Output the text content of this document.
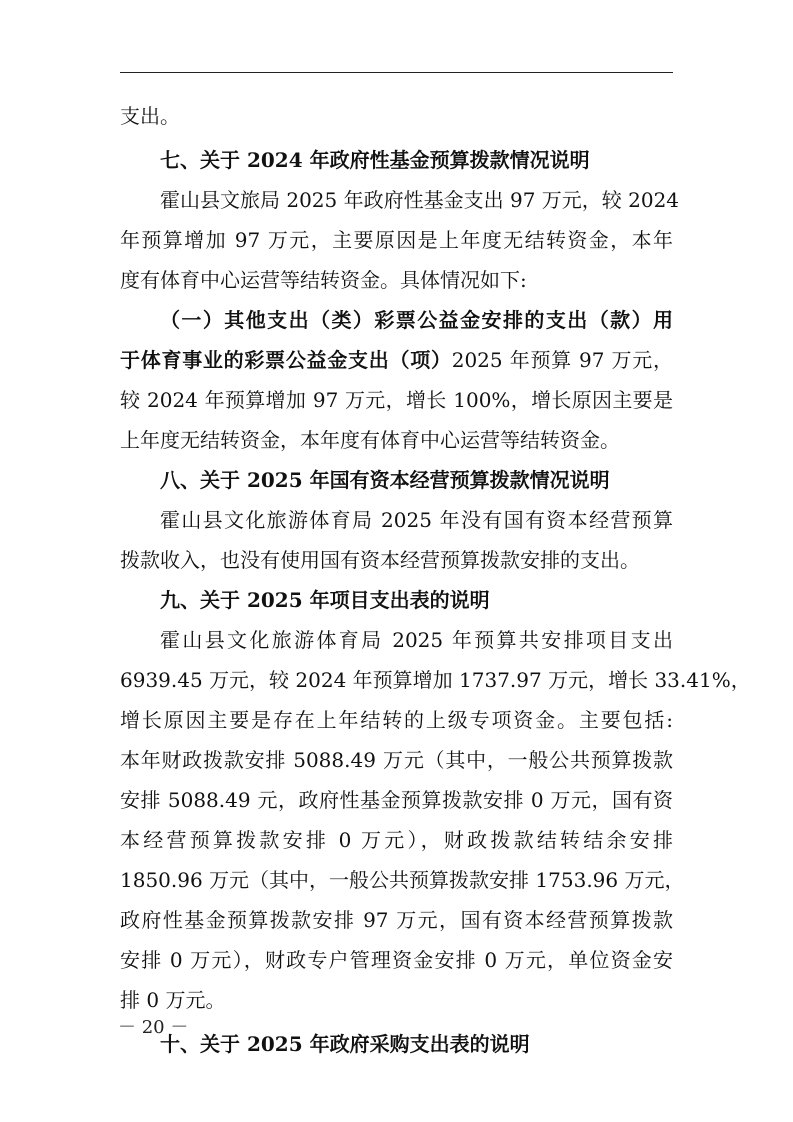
支出。
七、关于 2024 年政府性基金预算拨款情况说明
霍山县文旅局 2025 年政府性基金支出 97 万元，较 2024
年预算增加 97 万元，主要原因是上年度无结转资金，本年
度有体育中心运营等结转资金。具体情况如下:
（一）其他支出（类）彩票公益金安排的支出（款）用
于体育事业的彩票公益金支出（项）2025 年预算 97 万元，
较 2024 年预算增加 97 万元，增长 100%，增长原因主要是
上年度无结转资金，本年度有体育中心运营等结转资金。
八、关于 2025 年国有资本经营预算拨款情况说明
霍山县文化旅游体育局 2025 年没有国有资本经营预算
拨款收入，也没有使用国有资本经营预算拨款安排的支出。
九、关于 2025 年项目支出表的说明
霍山县文化旅游体育局 2025 年预算共安排项目支出
6939.45 万元，较 2024 年预算增加 1737.97 万元，增长 33.41%，
增长原因主要是存在上年结转的上级专项资金。主要包括:
本年财政拨款安排 5088.49 万元（其中，一般公共预算拨款
安排 5088.49 元，政府性基金预算拨款安排 0 万元，国有资
本经营预算拨款安排 0 万元），财政拨款结转结余安排
1850.96 万元（其中，一般公共预算拨款安排 1753.96 万元，
政府性基金预算拨款安排 97 万元，国有资本经营预算拨款
安排 0 万元），财政专户管理资金安排 0 万元，单位资金安
排 0 万元。
十、关于 2025 年政府采购支出表的说明
－ 20 －
